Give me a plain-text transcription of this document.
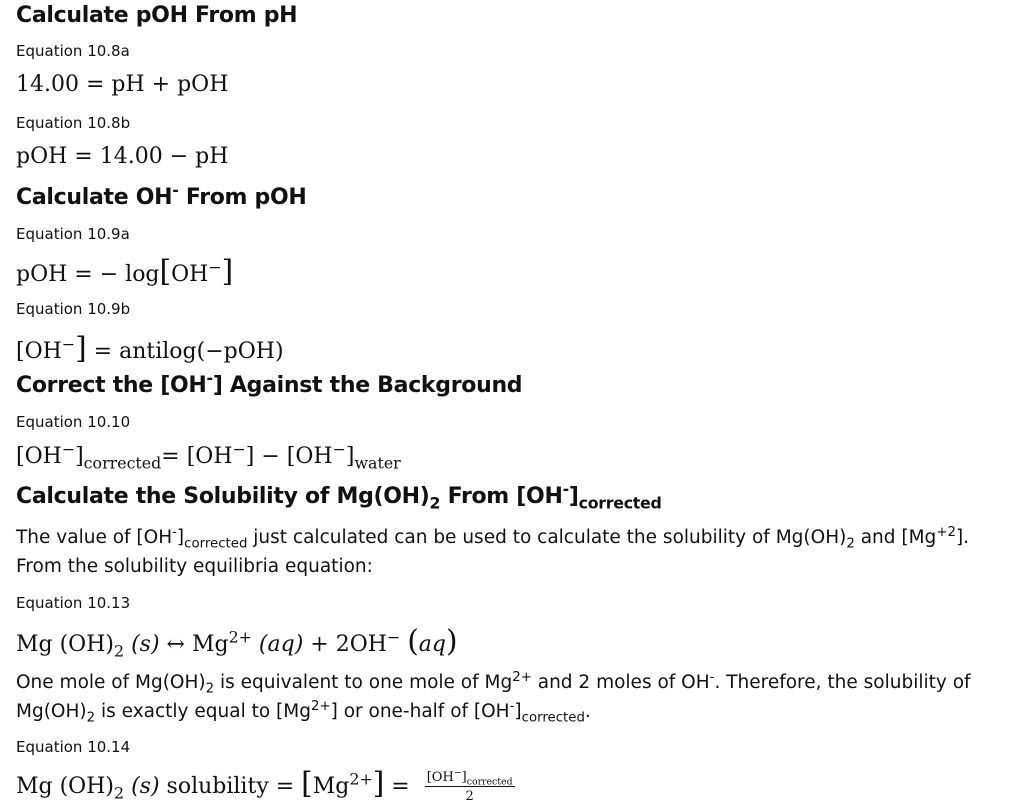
Calculate pOH From pH
Equation 10.8a
14.00 = pH + pOH
Equation 10.8b
pOH = 14.00 − pH
Calculate OH- From pOH
Equation 10.9a
pOH = − log[OH−]
Equation 10.9b
[OH−] = antilog(−pOH)
Correct the [OH-] Against the Background
Equation 10.10
$[OH^-]_{corrected}= [OH^-] - [OH^-]_{water}$
Calculate the Solubility of $Mg(OH)_2$ From $[OH^-]_{corrected}$
The value of $[OH^-]_{corrected}$ just calculated can be used to calculate the solubility of $Mg(OH)_2$ and $[Mg^{+2}]$.
From the solubility equilibria equation:
Equation 10.13
Mg $(OH)_2$ (s) ↔ $Mg^{2+}$ (aq) + 2OH− (aq)
One mole of $Mg(OH)_2$ is equivalent to one mole of $Mg^{2+}$ and 2 moles of OH-. Therefore, the solubility of
$Mg(OH)_2$ is exactly equal to $[Mg^{2+}]$ or one-half of $[OH^-]_{corrected}$.
Equation 10.14
Mg $(OH)_2$ (s) solubility = $[Mg^{2+}] = \frac{[OH^-]_{corrected}}{2}$
